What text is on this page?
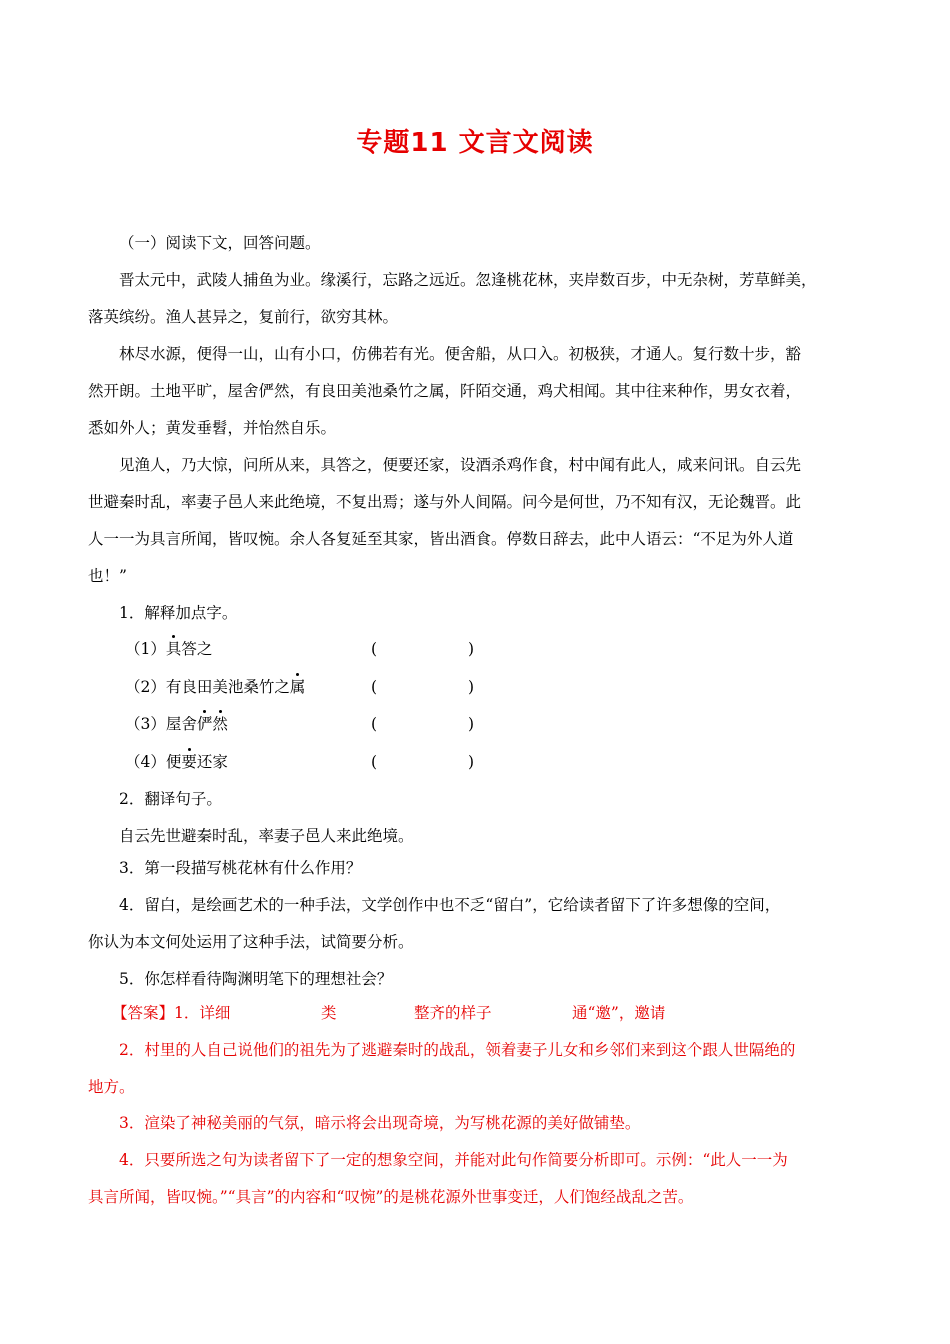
专题11 文言文阅读
（一）阅读下文，回答问题。
晋太元中，武陵人捕鱼为业。缘溪行，忘路之远近。忽逢桃花林，夹岸数百步，中无杂树，芳草鲜美，
落英缤纷。渔人甚异之，复前行，欲穷其林。
林尽水源，便得一山，山有小口，仿佛若有光。便舍船，从口入。初极狭，才通人。复行数十步，豁
然开朗。土地平旷，屋舍俨然，有良田美池桑竹之属，阡陌交通，鸡犬相闻。其中往来种作，男女衣着，
悉如外人；黄发垂髫，并怡然自乐。
见渔人，乃大惊，问所从来，具答之，便要还家，设酒杀鸡作食，村中闻有此人，咸来问讯。自云先
世避秦时乱，率妻子邑人来此绝境，不复出焉；遂与外人间隔。问今是何世，乃不知有汉，无论魏晋。此
人一一为具言所闻，皆叹惋。余人各复延至其家，皆出酒食。停数日辞去，此中人语云：“不足为外人道
也！”
1．解释加点字。
（1）具答之	(	)
（2）有良田美池桑竹之属	(	)
（3）屋舍俨然	(	)
（4）便要还家	(	)
2．翻译句子。
自云先世避秦时乱，率妻子邑人来此绝境。
3．第一段描写桃花林有什么作用？
4．留白，是绘画艺术的一种手法，文学创作中也不乏“留白”，它给读者留下了许多想像的空间，
你认为本文何处运用了这种手法，试简要分析。
5．你怎样看待陶渊明笔下的理想社会？
【答案】1．详细	类	整齐的样子	通“邀”，邀请
2．村里的人自己说他们的祖先为了逃避秦时的战乱，领着妻子儿女和乡邻们来到这个跟人世隔绝的
地方。
3．渲染了神秘美丽的气氛，暗示将会出现奇境，为写桃花源的美好做铺垫。
4．只要所选之句为读者留下了一定的想象空间，并能对此句作简要分析即可。示例：“此人一一为
具言所闻，皆叹惋。”“具言”的内容和“叹惋”的是桃花源外世事变迁，人们饱经战乱之苦。
